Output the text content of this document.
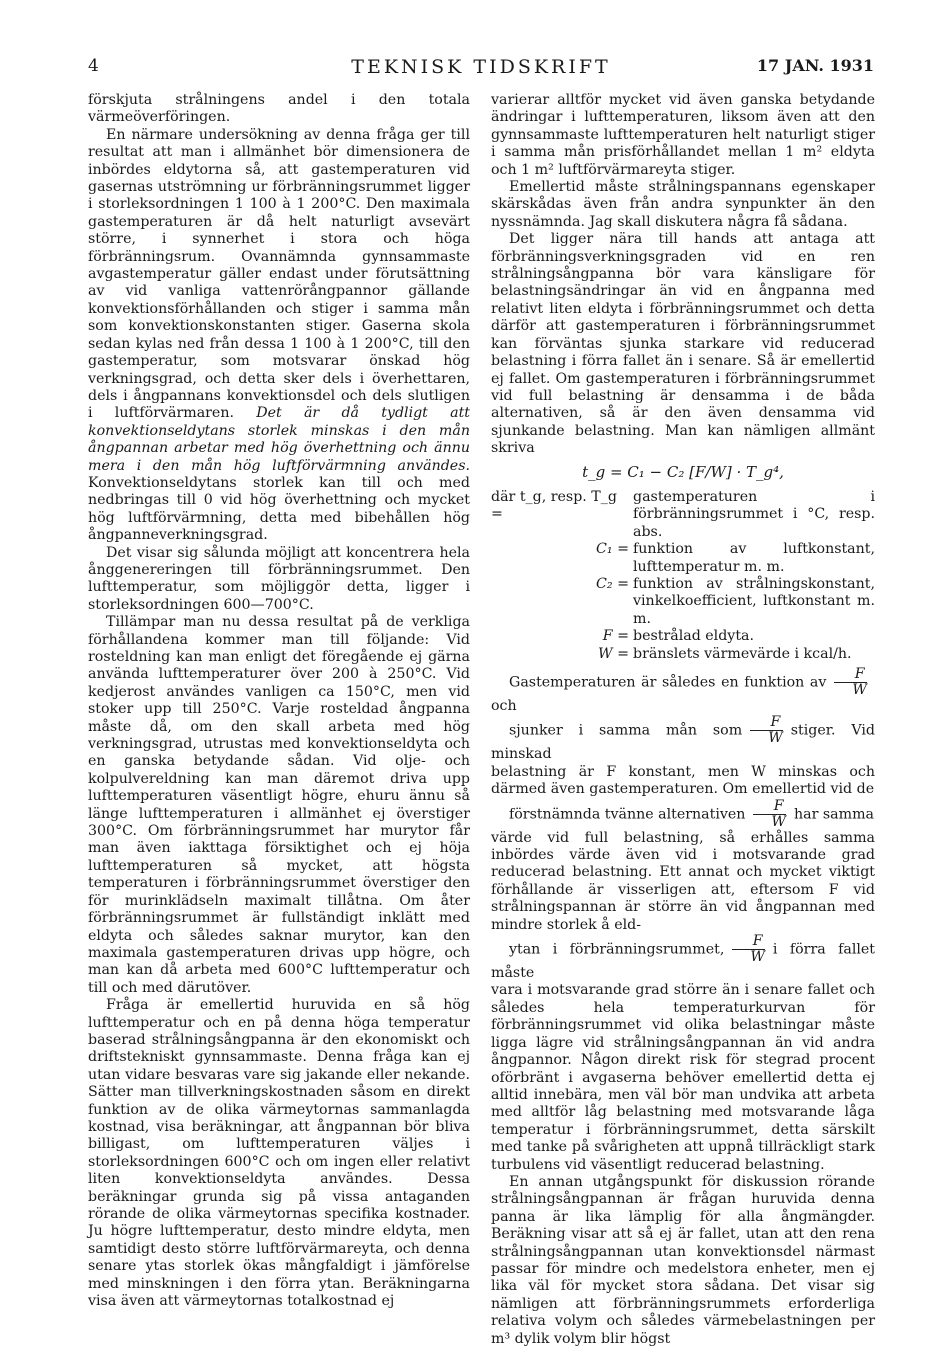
4	TEKNISK TIDSKRIFT	17 JAN. 1931

förskjuta strålningens andel i den totala värmeöverföringen.

En närmare undersökning av denna fråga ger till resultat att man i allmänhet bör dimensionera de inbördes eldytorna så, att gastemperaturen vid gasernas utströmning ur förbränningsrummet ligger i storleksordningen 1 100 à 1 200°C. Den maximala gastemperaturen är då helt naturligt avsevärt större, i synnerhet i stora och höga förbränningsrum. Ovannämnda gynnsammaste avgastemperatur gäller endast under förutsättning av vid vanliga vattenrörångpannor gällande konvektionsförhållanden och stiger i samma mån som konvektionskonstanten stiger. Gaserna skola sedan kylas ned från dessa 1 100 à 1 200°C, till den gastemperatur, som motsvarar önskad hög verkningsgrad, och detta sker dels i överhettaren, dels i ångpannans konvektionsdel och dels slutligen i luftförvärmaren. Det är då tydligt att konvektionseldytans storlek minskas i den mån ångpannan arbetar med hög överhettning och ännu mera i den mån hög luftförvärmning användes. Konvektionseldytans storlek kan till och med nedbringas till 0 vid hög överhettning och mycket hög luftförvärmning, detta med bibehållen hög ångpanneverkningsgrad.

Det visar sig sålunda möjligt att koncentrera hela ånggenereringen till förbränningsrummet. Den lufttemperatur, som möjliggör detta, ligger i storleksordningen 600—700°C.

Tillämpar man nu dessa resultat på de verkliga förhållandena kommer man till följande: Vid rosteldning kan man enligt det föregående ej gärna använda lufttemperaturer över 200 à 250°C. Vid kedjerost användes vanligen ca 150°C, men vid stoker upp till 250°C. Varje rosteldad ångpanna måste då, om den skall arbeta med hög verkningsgrad, utrustas med konvektionseldyta och en ganska betydande sådan. Vid olje- och kolpulvereldning kan man däremot driva upp lufttemperaturen väsentligt högre, ehuru ännu så länge lufttemperaturen i allmänhet ej överstiger 300°C. Om förbränningsrummet har murytor får man även iakttaga försiktighet och ej höja lufttemperaturen så mycket, att högsta temperaturen i förbränningsrummet överstiger den för murinklädseln maximalt tillåtna. Om åter förbränningsrummet är fullständigt inklätt med eldyta och således saknar murytor, kan den maximala gastemperaturen drivas upp högre, och man kan då arbeta med 600°C lufttemperatur och till och med därutöver.

Fråga är emellertid huruvida en så hög lufttemperatur och en på denna höga temperatur baserad strålningsångpanna är den ekonomiskt och driftstekniskt gynnsammaste. Denna fråga kan ej utan vidare besvaras vare sig jakande eller nekande. Sätter man tillverkningskostnaden såsom en direkt funktion av de olika värmeytornas sammanlagda kostnad, visa beräkningar, att ångpannan bör bliva billigast, om lufttemperaturen väljes i storleksordningen 600°C och om ingen eller relativt liten konvektionseldyta användes. Dessa beräkningar grunda sig på vissa antaganden rörande de olika värmeytornas specifika kostnader. Ju högre lufttemperatur, desto mindre eldyta, men samtidigt desto större luftförvärmareyta, och denna senare ytas storlek ökas mångfaldigt i jämförelse med minskningen i den förra ytan. Beräkningarna visa även att värmeytornas totalkostnad ej

varierar alltför mycket vid även ganska betydande ändringar i lufttemperaturen, liksom även att den gynnsammaste lufttemperaturen helt naturligt stiger i samma mån prisförhållandet mellan 1 m² eldyta och 1 m² luftförvärmareyta stiger.

Emellertid måste strålningspannans egenskaper skärskådas även från andra synpunkter än den nyssnämnda. Jag skall diskutera några få sådana.

Det ligger nära till hands att antaga att förbränningsverkningsgraden vid en ren strålningsångpanna bör vara känsligare för belastningsändringar än vid en ångpanna med relativt liten eldyta i förbränningsrummet och detta därför att gastemperaturen i förbränningsrummet kan förväntas sjunka starkare vid reducerad belastning i förra fallet än i senare. Så är emellertid ej fallet. Om gastemperaturen i förbränningsrummet vid full belastning är densamma i de båda alternativen, så är den även densamma vid sjunkande belastning. Man kan nämligen allmänt skriva

t_g = C₁ − C₂ [F/W] · T_g⁴,
där t_g, resp. T_g =
gastemperaturen i förbränningsrummet i °C, resp. abs.
C₁ = funktion av luftkonstant, lufttemperatur m. m.
C₂ = funktion av strålningskonstant, vinkelkoefficient, luftkonstant m. m.
F = bestrålad eldyta.
W = bränslets värmevärde i kcal/h.

Gastemperaturen är således en funktion av $\frac{F}{W}$
och

sjunker i samma mån som $\frac{F}{W}$ stiger. Vid minskad

belastning är F konstant, men W minskas och därmed även gastemperaturen. Om emellertid vid de

förstnämnda tvänne alternativen $\frac{F}{W}$ har samma

värde vid full belastning, så erhålles samma inbördes värde även vid i motsvarande grad reducerad belastning. Ett annat och mycket viktigt förhållande är visserligen att, eftersom F vid strålningspannan är större än vid ångpannan med mindre storlek å eld-

ytan i förbränningsrummet, $\frac{F}{W}$ i förra fallet måste

vara i motsvarande grad större än i senare fallet och således hela temperaturkurvan för förbränningsrummet vid olika belastningar måste ligga lägre vid strålningsångpannan än vid andra ångpannor. Någon direkt risk för stegrad procent oförbränt i avgaserna behöver emellertid detta ej alltid innebära, men väl bör man undvika att arbeta med alltför låg belastning med motsvarande låga temperatur i förbränningsrummet, detta särskilt med tanke på svårigheten att uppnå tillräckligt stark turbulens vid väsentligt reducerad belastning.

En annan utgångspunkt för diskussion rörande strålningsångpannan är frågan huruvida denna panna är lika lämplig för alla ångmängder. Beräkning visar att så ej är fallet, utan att den rena strålningsångpannan utan konvektionsdel närmast passar för mindre och medelstora enheter, men ej lika väl för mycket stora sådana. Det visar sig nämligen att förbränningsrummets erforderliga relativa volym och således värmebelastningen per m³ dylik volym blir högst
